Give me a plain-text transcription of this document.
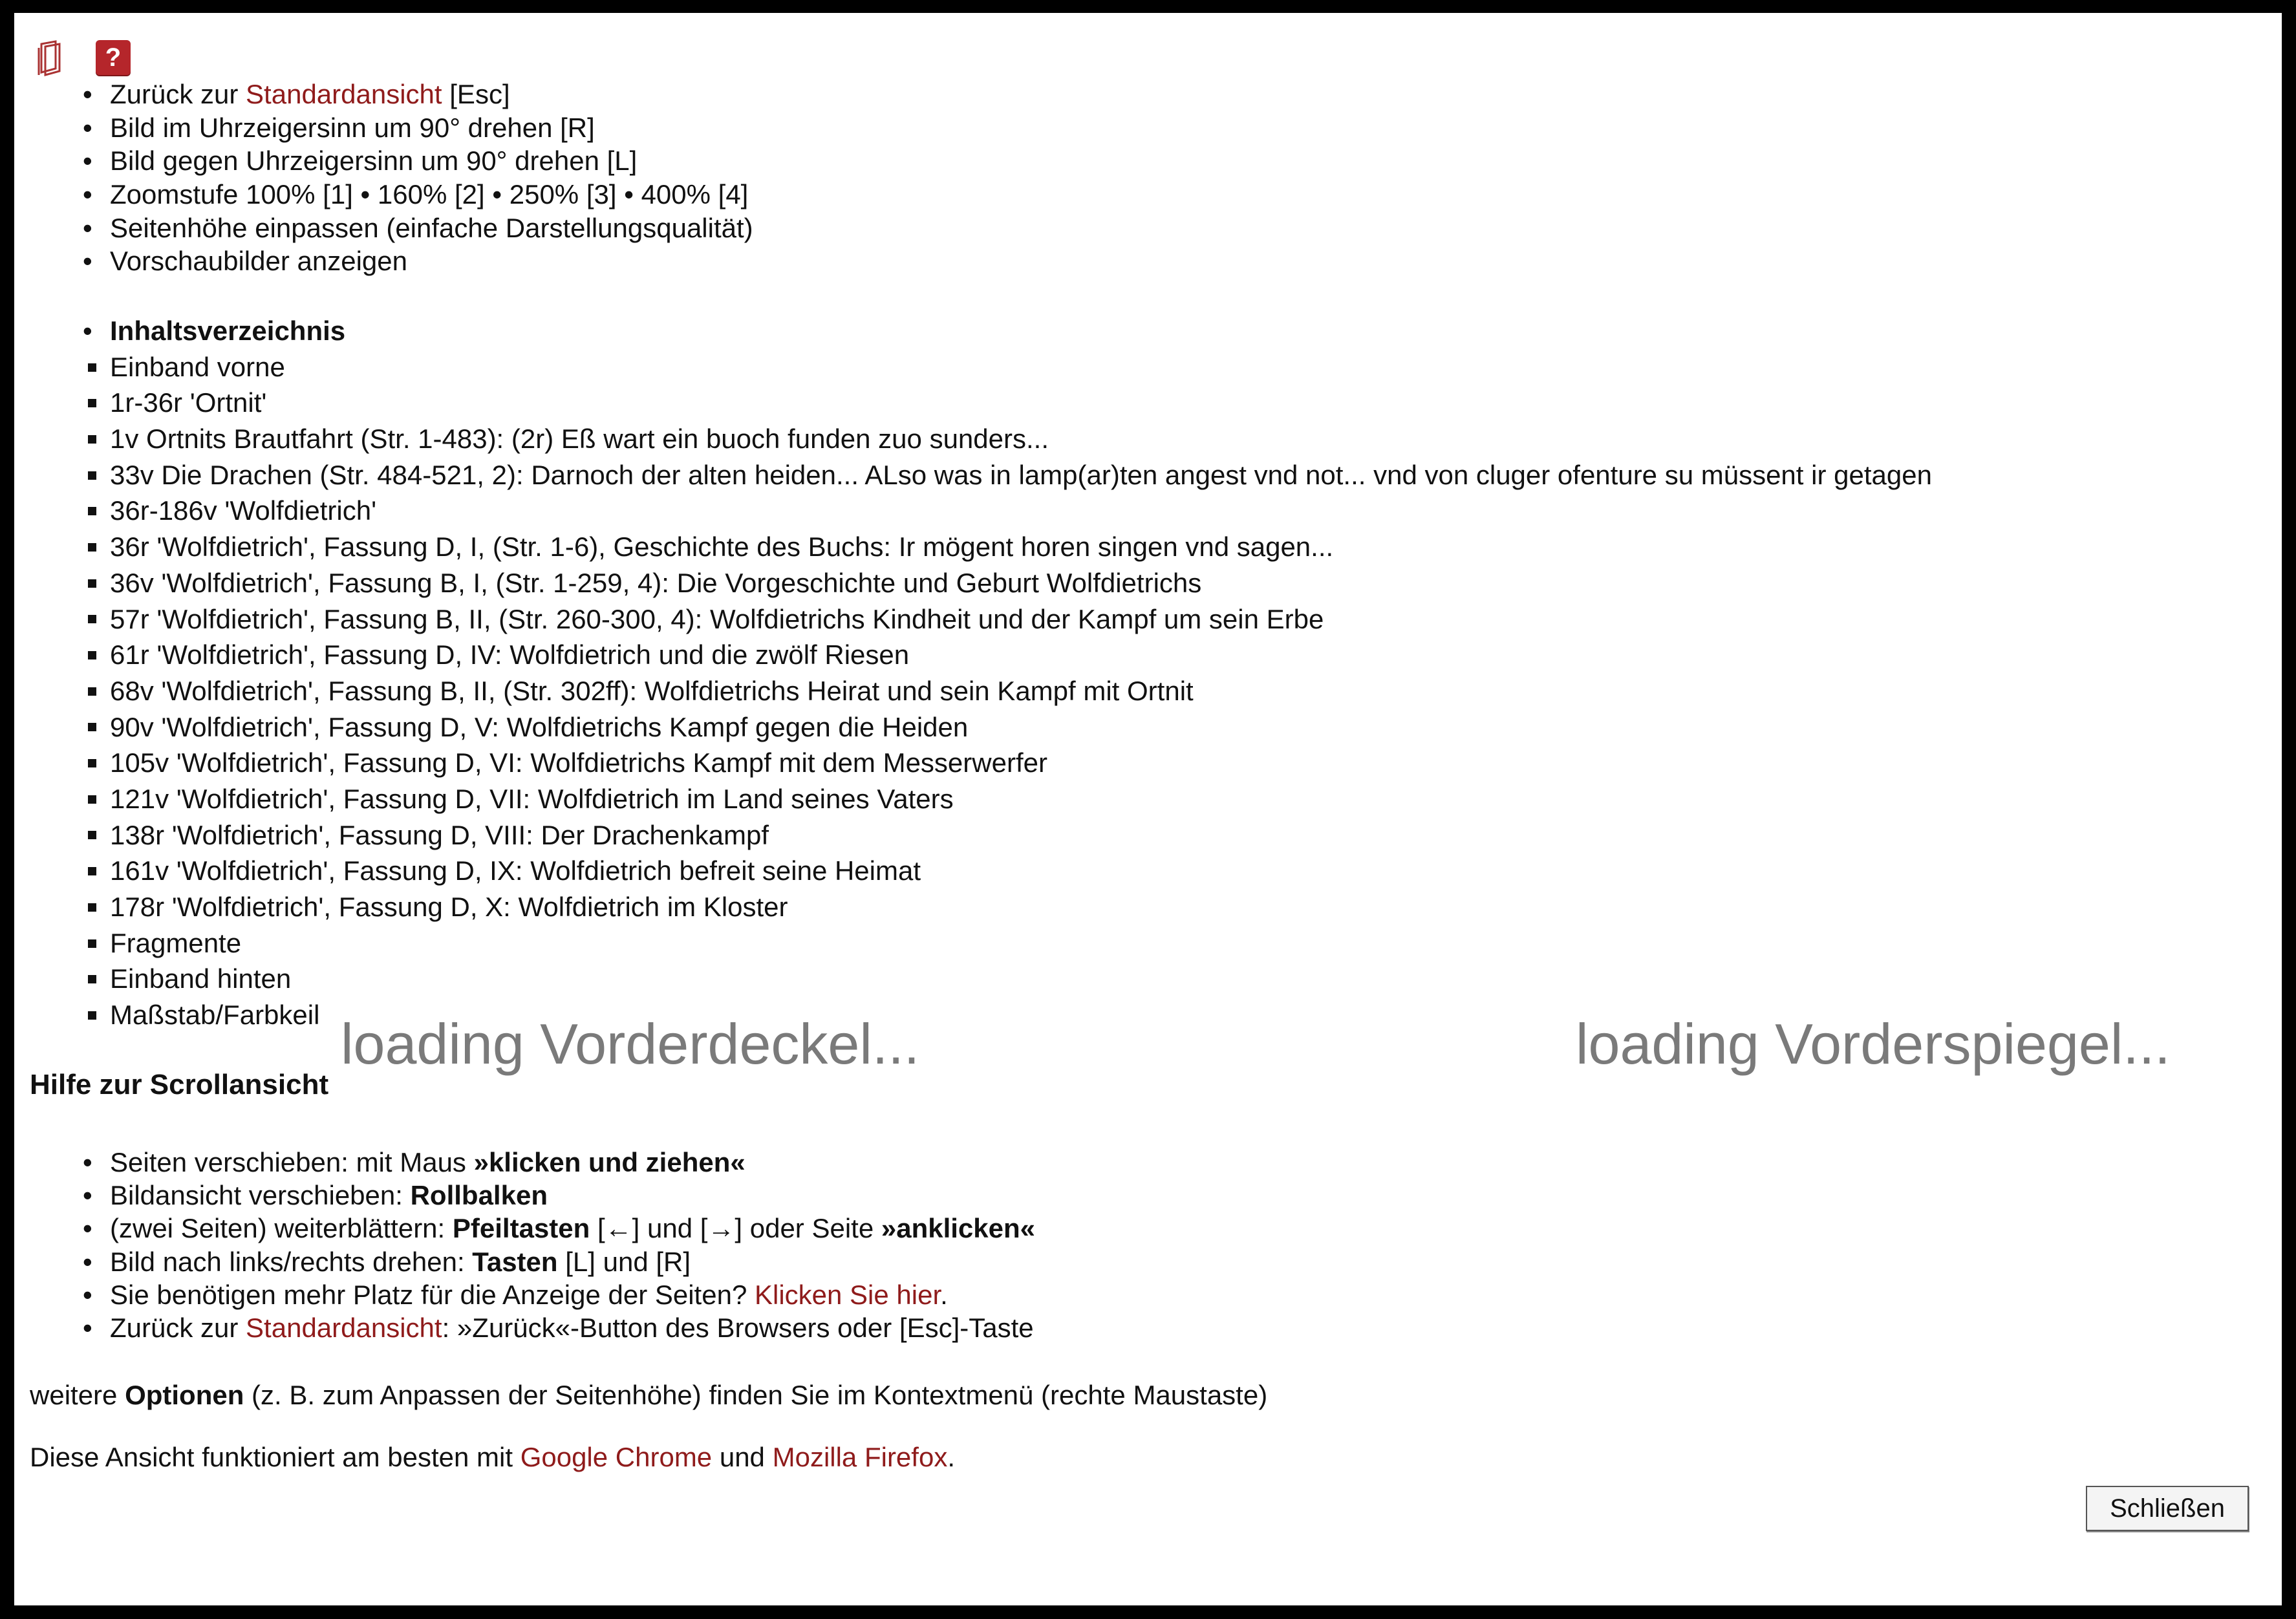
?
• Zurück zur Standardansicht [Esc]
• Bild im Uhrzeigersinn um 90° drehen [R]
• Bild gegen Uhrzeigersinn um 90° drehen [L]
• Zoomstufe 100% [1] • 160% [2] • 250% [3] • 400% [4]
• Seitenhöhe einpassen (einfache Darstellungsqualität)
• Vorschaubilder anzeigen
• Inhaltsverzeichnis
Einband vorne
1r-36r 'Ortnit'
1v Ortnits Brautfahrt (Str. 1-483): (2r) Eß wart ein buoch funden zuo sunders...
33v Die Drachen (Str. 484-521, 2): Darnoch der alten heiden... ALso was in lamp(ar)ten angest vnd not... vnd von cluger ofenture su müssent ir getagen
36r-186v 'Wolfdietrich'
36r 'Wolfdietrich', Fassung D, I, (Str. 1-6), Geschichte des Buchs: Ir mögent horen singen vnd sagen...
36v 'Wolfdietrich', Fassung B, I, (Str. 1-259, 4): Die Vorgeschichte und Geburt Wolfdietrichs
57r 'Wolfdietrich', Fassung B, II, (Str. 260-300, 4): Wolfdietrichs Kindheit und der Kampf um sein Erbe
61r 'Wolfdietrich', Fassung D, IV: Wolfdietrich und die zwölf Riesen
68v 'Wolfdietrich', Fassung B, II, (Str. 302ff): Wolfdietrichs Heirat und sein Kampf mit Ortnit
90v 'Wolfdietrich', Fassung D, V: Wolfdietrichs Kampf gegen die Heiden
105v 'Wolfdietrich', Fassung D, VI: Wolfdietrichs Kampf mit dem Messerwerfer
121v 'Wolfdietrich', Fassung D, VII: Wolfdietrich im Land seines Vaters
138r 'Wolfdietrich', Fassung D, VIII: Der Drachenkampf
161v 'Wolfdietrich', Fassung D, IX: Wolfdietrich befreit seine Heimat
178r 'Wolfdietrich', Fassung D, X: Wolfdietrich im Kloster
Fragmente
Einband hinten
Maßstab/Farbkeil loading Vorderdeckel...	loading Vorderspiegel...
Hilfe zur Scrollansicht
• Seiten verschieben: mit Maus »klicken und ziehen«
• Bildansicht verschieben: Rollbalken
• (zwei Seiten) weiterblättern: Pfeiltasten [←] und [→] oder Seite »anklicken«
• Bild nach links/rechts drehen: Tasten [L] und [R]
• Sie benötigen mehr Platz für die Anzeige der Seiten? Klicken Sie hier.
• Zurück zur Standardansicht: »Zurück«-Button des Browsers oder [Esc]-Taste
weitere Optionen (z. B. zum Anpassen der Seitenhöhe) finden Sie im Kontextmenü (rechte Maustaste)
Diese Ansicht funktioniert am besten mit Google Chrome und Mozilla Firefox.
Schließen
